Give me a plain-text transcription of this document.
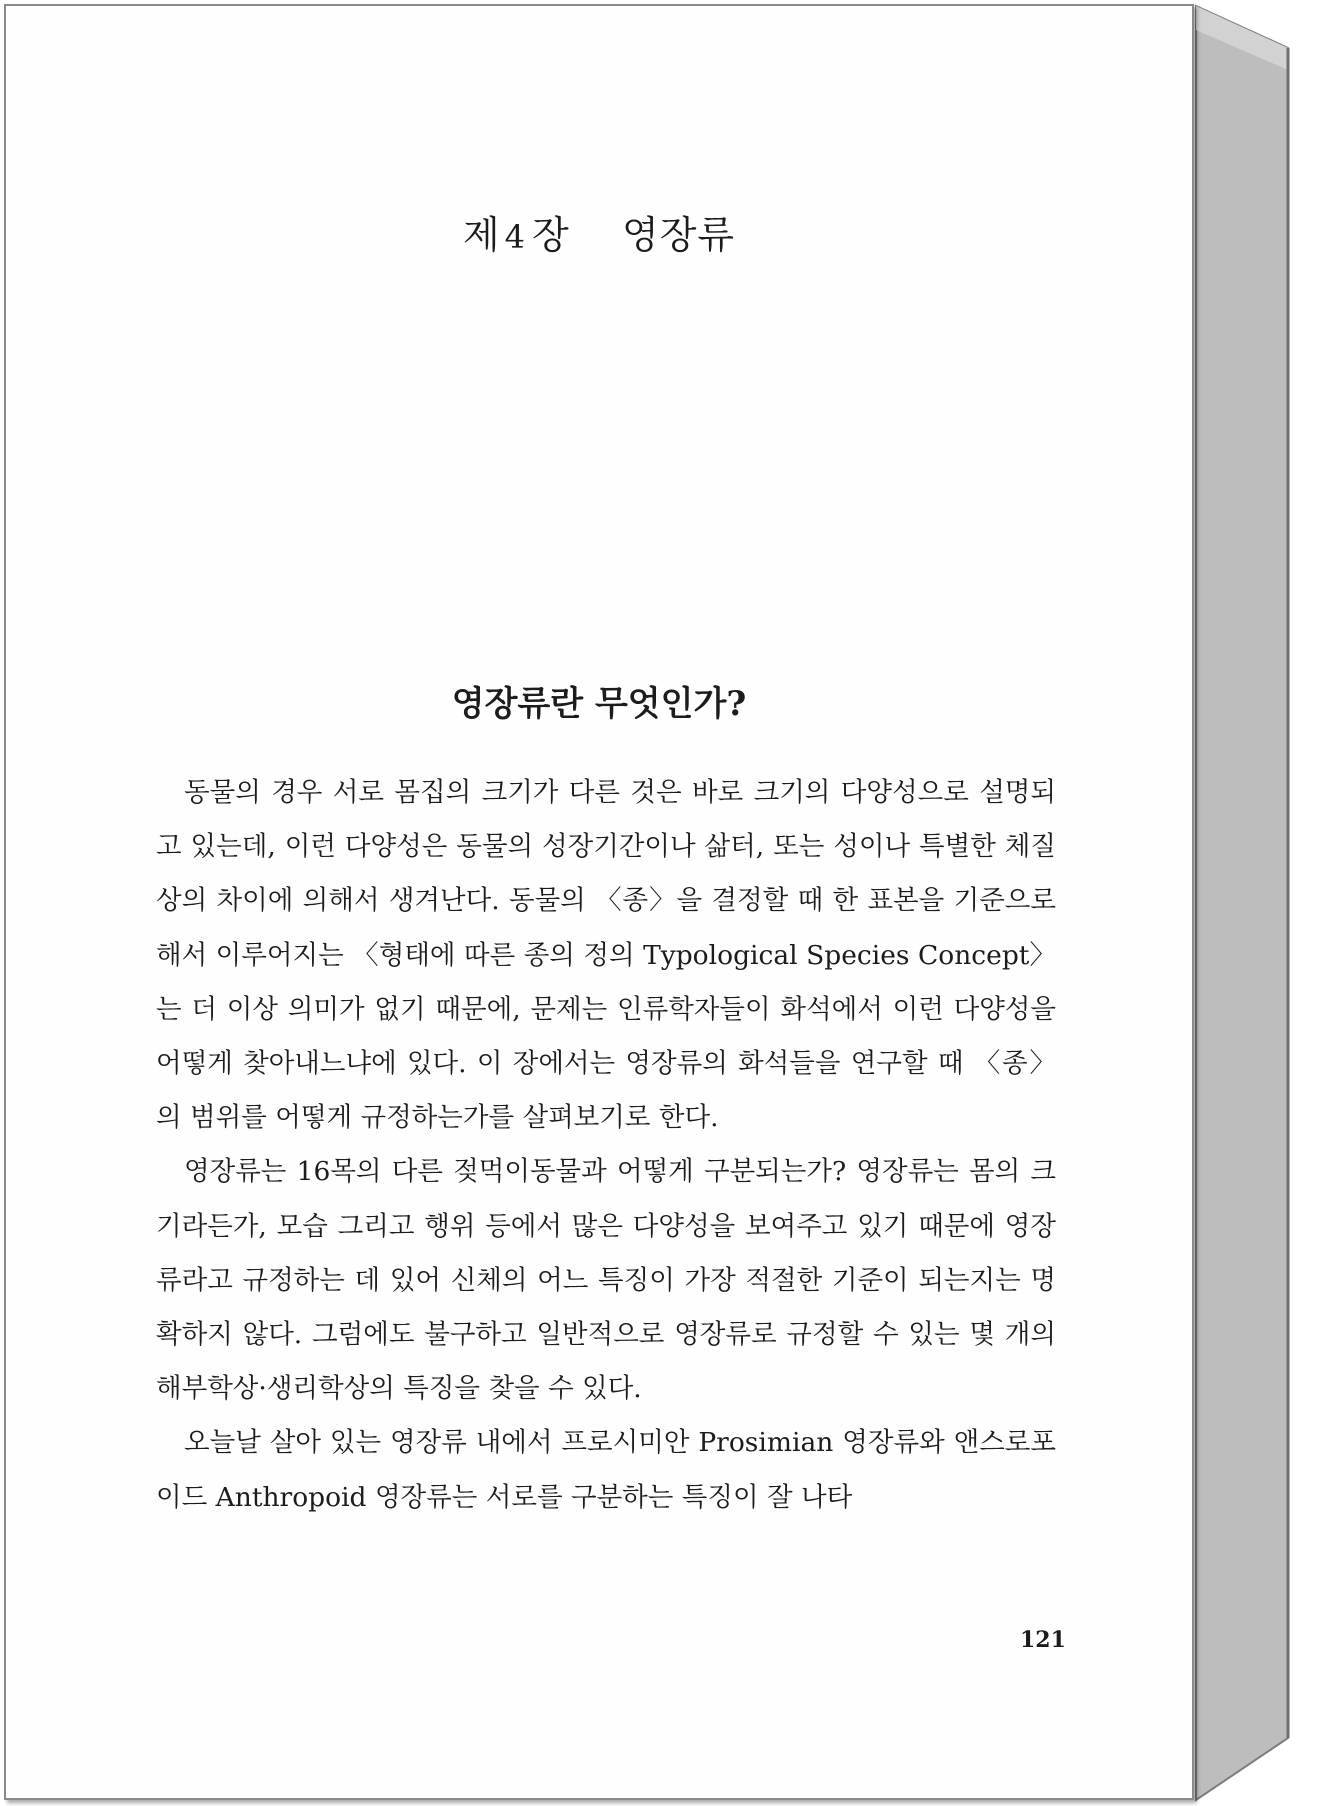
제 4 장 영장류
영장류란 무엇인가?

동물의 경우 서로 몸집의 크기가 다른 것은 바로 크기의 다양성으로 설명되고 있는데, 이런 다양성은 동물의 성장기간이나 삶터, 또는 성이나 특별한 체질상의 차이에 의해서 생겨난다. 동물의 〈종〉을 결정할 때 한 표본을 기준으로 해서 이루어지는 〈형태에 따른 종의 정의 Typological Species Concept〉는 더 이상 의미가 없기 때문에, 문제는 인류학자들이 화석에서 이런 다양성을 어떻게 찾아내느냐에 있다. 이 장에서는 영장류의 화석들을 연구할 때 〈종〉의 범위를 어떻게 규정하는가를 살펴보기로 한다.

영장류는 16목의 다른 젖먹이동물과 어떻게 구분되는가? 영장류는 몸의 크기라든가, 모습 그리고 행위 등에서 많은 다양성을 보여주고 있기 때문에 영장류라고 규정하는 데 있어 신체의 어느 특징이 가장 적절한 기준이 되는지는 명확하지 않다. 그럼에도 불구하고 일반적으로 영장류로 규정할 수 있는 몇 개의 해부학상·생리학상의 특징을 찾을 수 있다.

오늘날 살아 있는 영장류 내에서 프로시미안 Prosimian 영장류와 앤스로포이드 Anthropoid 영장류는 서로를 구분하는 특징이 잘 나타

121
